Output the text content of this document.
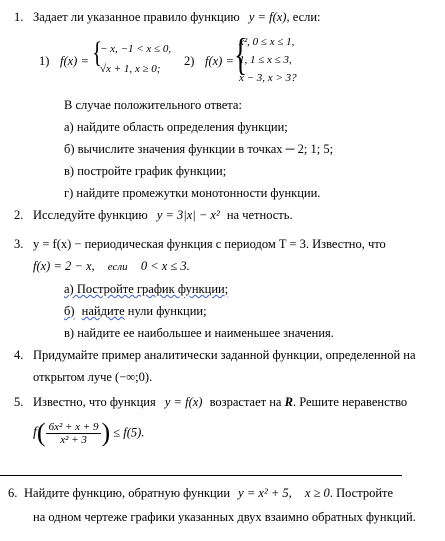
1. Задает ли указанное правило функцию y = f(x), если:
1) f(x) = {
− x, −1 < x ≤ 0,
√x + 1, x ≥ 0;
2) f(x) = {
x², 0 ≤ x ≤ 1,
1, 1 ≤ x ≤ 3,
x − 3, x > 3?
В случае положительного ответа:
а) найдите область определения функции;
б) вычислите значения функции в точках ─ 2; 1; 5;
в) постройте график функции;
г) найдите промежутки монотонности функции.
2. Исследуйте функцию y = 3|x| − x² на четность.
3. y = f(x) − периодическая функция с периодом T = 3. Известно, что
f(x) = 2 − x, если 0 < x ≤ 3.
а) Постройте график функции;
б) найдите нули функции;
в) найдите ее наибольшее и наименьшее значения.
4. Придумайте пример аналитически заданной функции, определенной на
открытом луче (−∞;0).
5. Известно, что функция y = f(x) возрастает на R. Решите неравенство
$f( \frac{\text{6x² + x + 9}}{\text{x² + 3}}$ ) ≤ f(5).
6. Найдите функцию, обратную функции y = x² + 5, x ≥ 0. Постройте
на одном чертеже графики указанных двух взаимно обратных функций.
